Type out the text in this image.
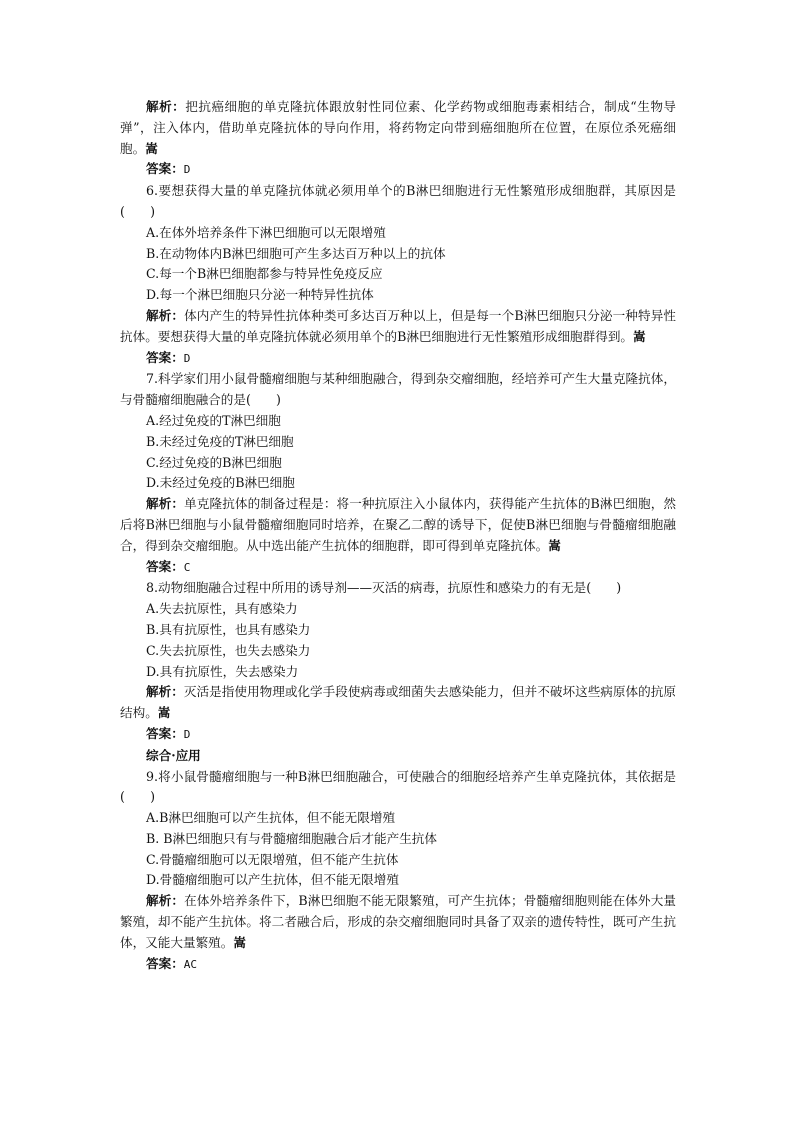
解析：把抗癌细胞的单克隆抗体跟放射性同位素、化学药物或细胞毒素相结合，制成“生物导弹”，注入体内，借助单克隆抗体的导向作用，将药物定向带到癌细胞所在位置，在原位杀死癌细胞。嵩

答案：D

6.要想获得大量的单克隆抗体就必须用单个的B淋巴细胞进行无性繁殖形成细胞群，其原因是(　　)

A.在体外培养条件下淋巴细胞可以无限增殖

B.在动物体内B淋巴细胞可产生多达百万种以上的抗体

C.每一个B淋巴细胞都参与特异性免疫反应

D.每一个淋巴细胞只分泌一种特异性抗体

解析：体内产生的特异性抗体种类可多达百万种以上，但是每一个B淋巴细胞只分泌一种特异性抗体。要想获得大量的单克隆抗体就必须用单个的B淋巴细胞进行无性繁殖形成细胞群得到。嵩

答案：D

7.科学家们用小鼠骨髓瘤细胞与某种细胞融合，得到杂交瘤细胞，经培养可产生大量克隆抗体，与骨髓瘤细胞融合的是(　　)

A.经过免疫的T淋巴细胞

B.未经过免疫的T淋巴细胞

C.经过免疫的B淋巴细胞

D.未经过免疫的B淋巴细胞

解析：单克隆抗体的制备过程是：将一种抗原注入小鼠体内，获得能产生抗体的B淋巴细胞，然后将B淋巴细胞与小鼠骨髓瘤细胞同时培养，在聚乙二醇的诱导下，促使B淋巴细胞与骨髓瘤细胞融合，得到杂交瘤细胞。从中选出能产生抗体的细胞群，即可得到单克隆抗体。嵩

答案：C

8.动物细胞融合过程中所用的诱导剂——灭活的病毒，抗原性和感染力的有无是(　　)

A.失去抗原性，具有感染力

B.具有抗原性，也具有感染力

C.失去抗原性，也失去感染力

D.具有抗原性，失去感染力

解析：灭活是指使用物理或化学手段使病毒或细菌失去感染能力，但并不破坏这些病原体的抗原结构。嵩

答案：D

综合·应用

9.将小鼠骨髓瘤细胞与一种B淋巴细胞融合，可使融合的细胞经培养产生单克隆抗体，其依据是(　　)

A.B淋巴细胞可以产生抗体，但不能无限增殖

B. B淋巴细胞只有与骨髓瘤细胞融合后才能产生抗体

C.骨髓瘤细胞可以无限增殖，但不能产生抗体

D.骨髓瘤细胞可以产生抗体，但不能无限增殖

解析：在体外培养条件下，B淋巴细胞不能无限繁殖，可产生抗体；骨髓瘤细胞则能在体外大量繁殖，却不能产生抗体。将二者融合后，形成的杂交瘤细胞同时具备了双亲的遗传特性，既可产生抗体，又能大量繁殖。嵩

答案：AC
